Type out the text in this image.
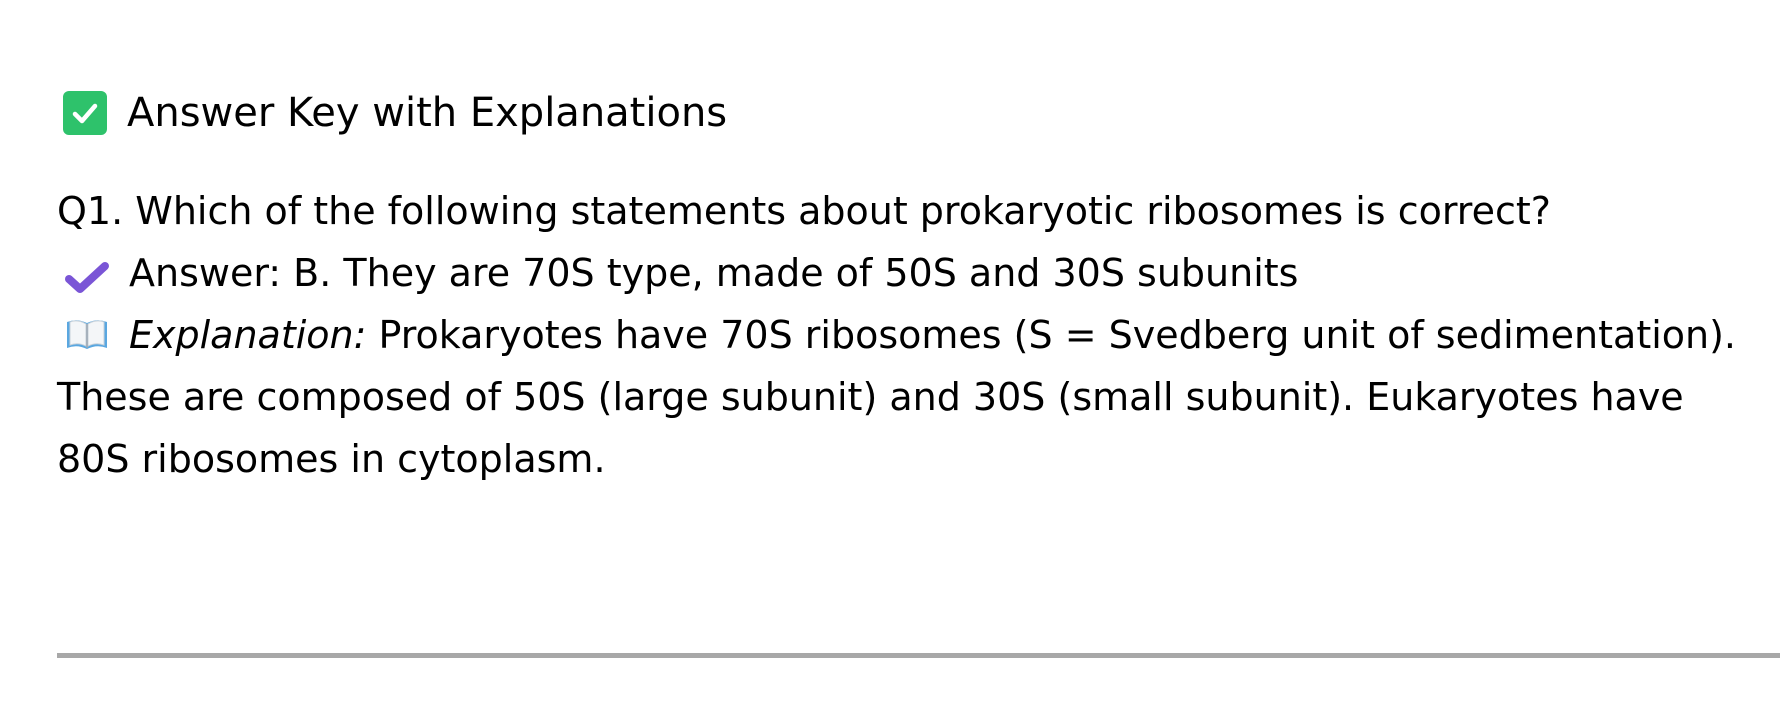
Answer Key with Explanations
Q1. Which of the following statements about prokaryotic ribosomes is correct?
Answer: B. They are 70S type, made of 50S and 30S subunits
Explanation: Prokaryotes have 70S ribosomes (S = Svedberg unit of sedimentation). These are composed of 50S (large subunit) and 30S (small subunit). Eukaryotes have 80S ribosomes in cytoplasm.
